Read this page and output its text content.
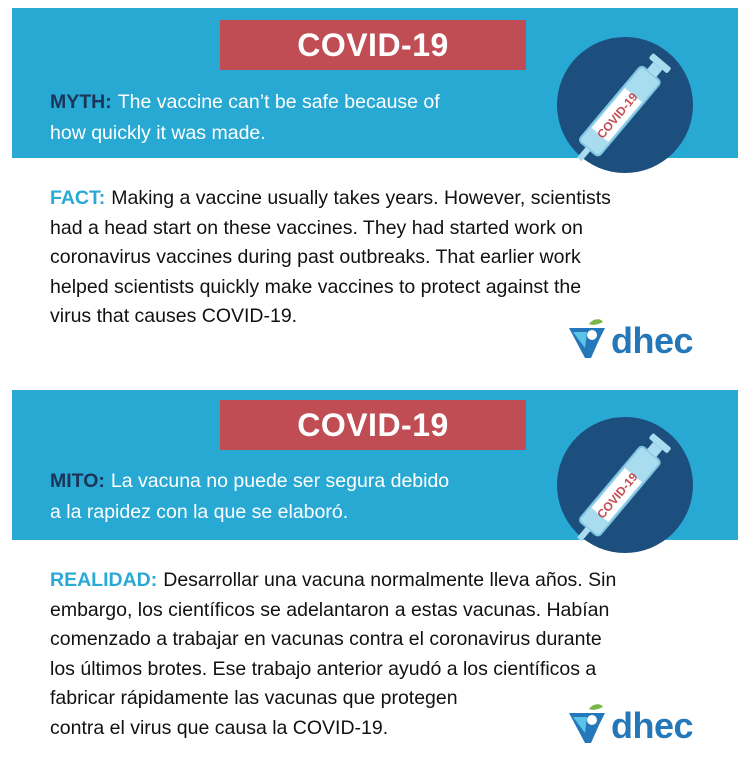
COVID-19
MYTH: The vaccine can’t be safe because of
how quickly it was made.	COVID-19
FACT: Making a vaccine usually takes years. However, scientists
had a head start on these vaccines. They had started work on
coronavirus vaccines during past outbreaks. That earlier work
helped scientists quickly make vaccines to protect against the
virus that causes COVID-19.
dhec
COVID-19
MITO: La vacuna no puede ser segura debido
a la rapidez con la que se elaboró.	COVID-19
REALIDAD: Desarrollar una vacuna normalmente lleva años. Sin
embargo, los científicos se adelantaron a estas vacunas. Habían
comenzado a trabajar en vacunas contra el coronavirus durante
los últimos brotes. Ese trabajo anterior ayudó a los científicos a
fabricar rápidamente las vacunas que protegen
contra el virus que causa la COVID-19.	dhec
